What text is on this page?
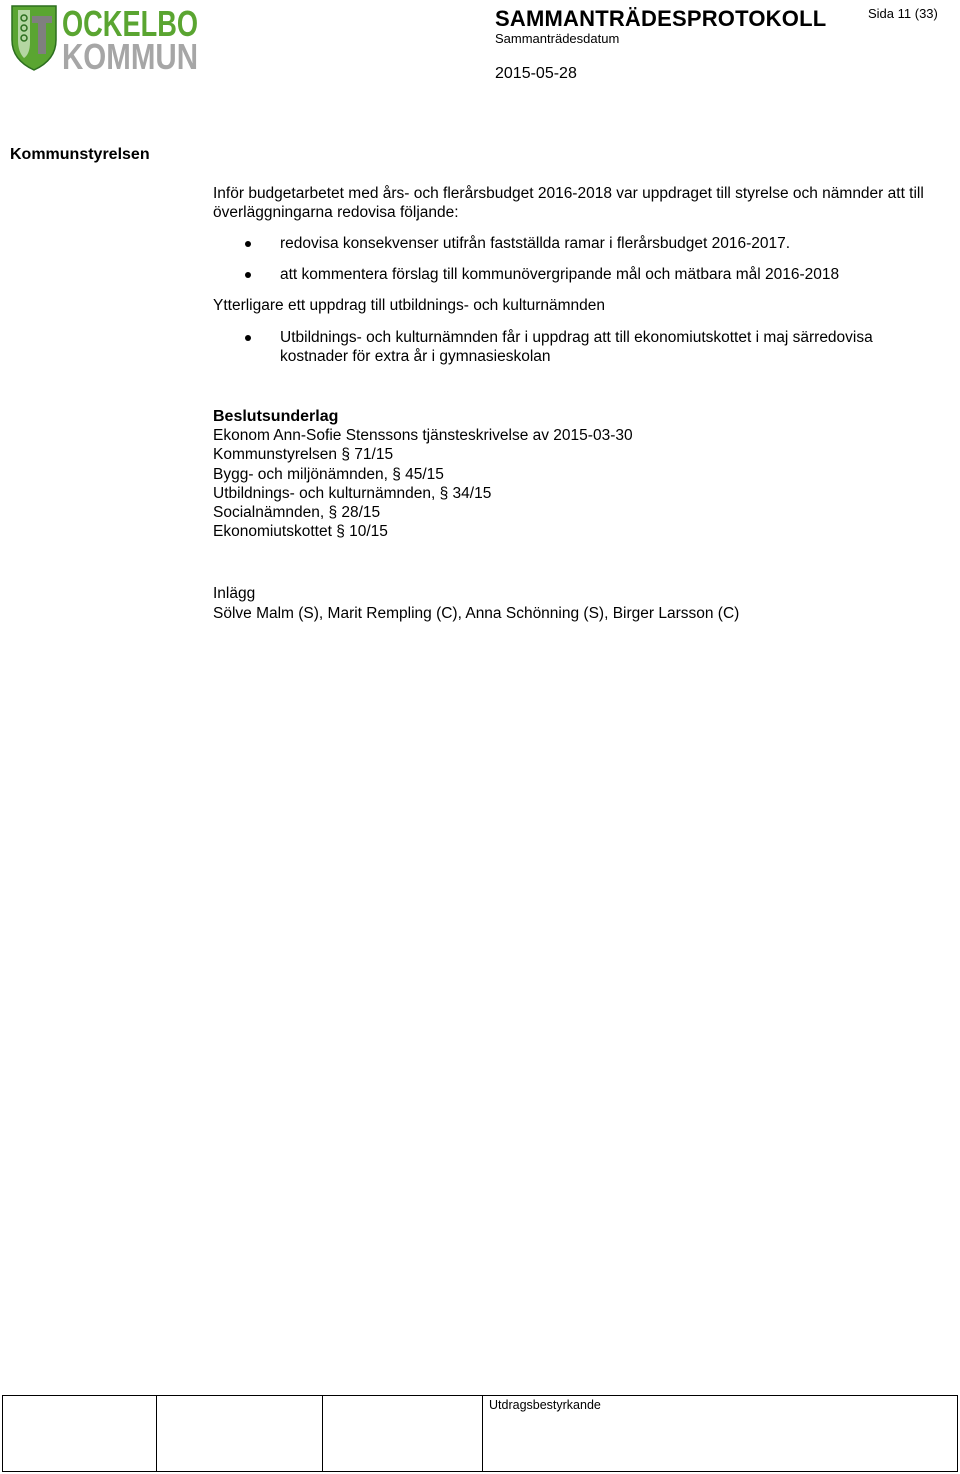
OCKELBO
KOMMUN
SAMMANTRÄDESPROTOKOLL
Sammanträdesdatum
2015-05-28
Sida 11 (33)
Kommunstyrelsen
Inför budgetarbetet med års- och flerårsbudget 2016-2018 var uppdraget till styrelse och nämnder att till överläggningarna redovisa följande:
redovisa konsekvenser utifrån fastställda ramar i flerårsbudget 2016-2017.
att kommentera förslag till kommunövergripande mål och mätbara mål 2016-2018
Ytterligare ett uppdrag till utbildnings- och kulturnämnden
Utbildnings- och kulturnämnden får i uppdrag att till ekonomiutskottet i maj särredovisa kostnader för extra år i gymnasieskolan
Beslutsunderlag
Ekonom Ann-Sofie Stenssons tjänsteskrivelse av 2015-03-30
Kommunstyrelsen § 71/15
Bygg- och miljönämnden, § 45/15
Utbildnings- och kulturnämnden, § 34/15
Socialnämnden, § 28/15
Ekonomiutskottet § 10/15
Inlägg
Sölve Malm (S), Marit Rempling (C), Anna Schönning (S), Birger Larsson (C)
			Utdragsbestyrkande
